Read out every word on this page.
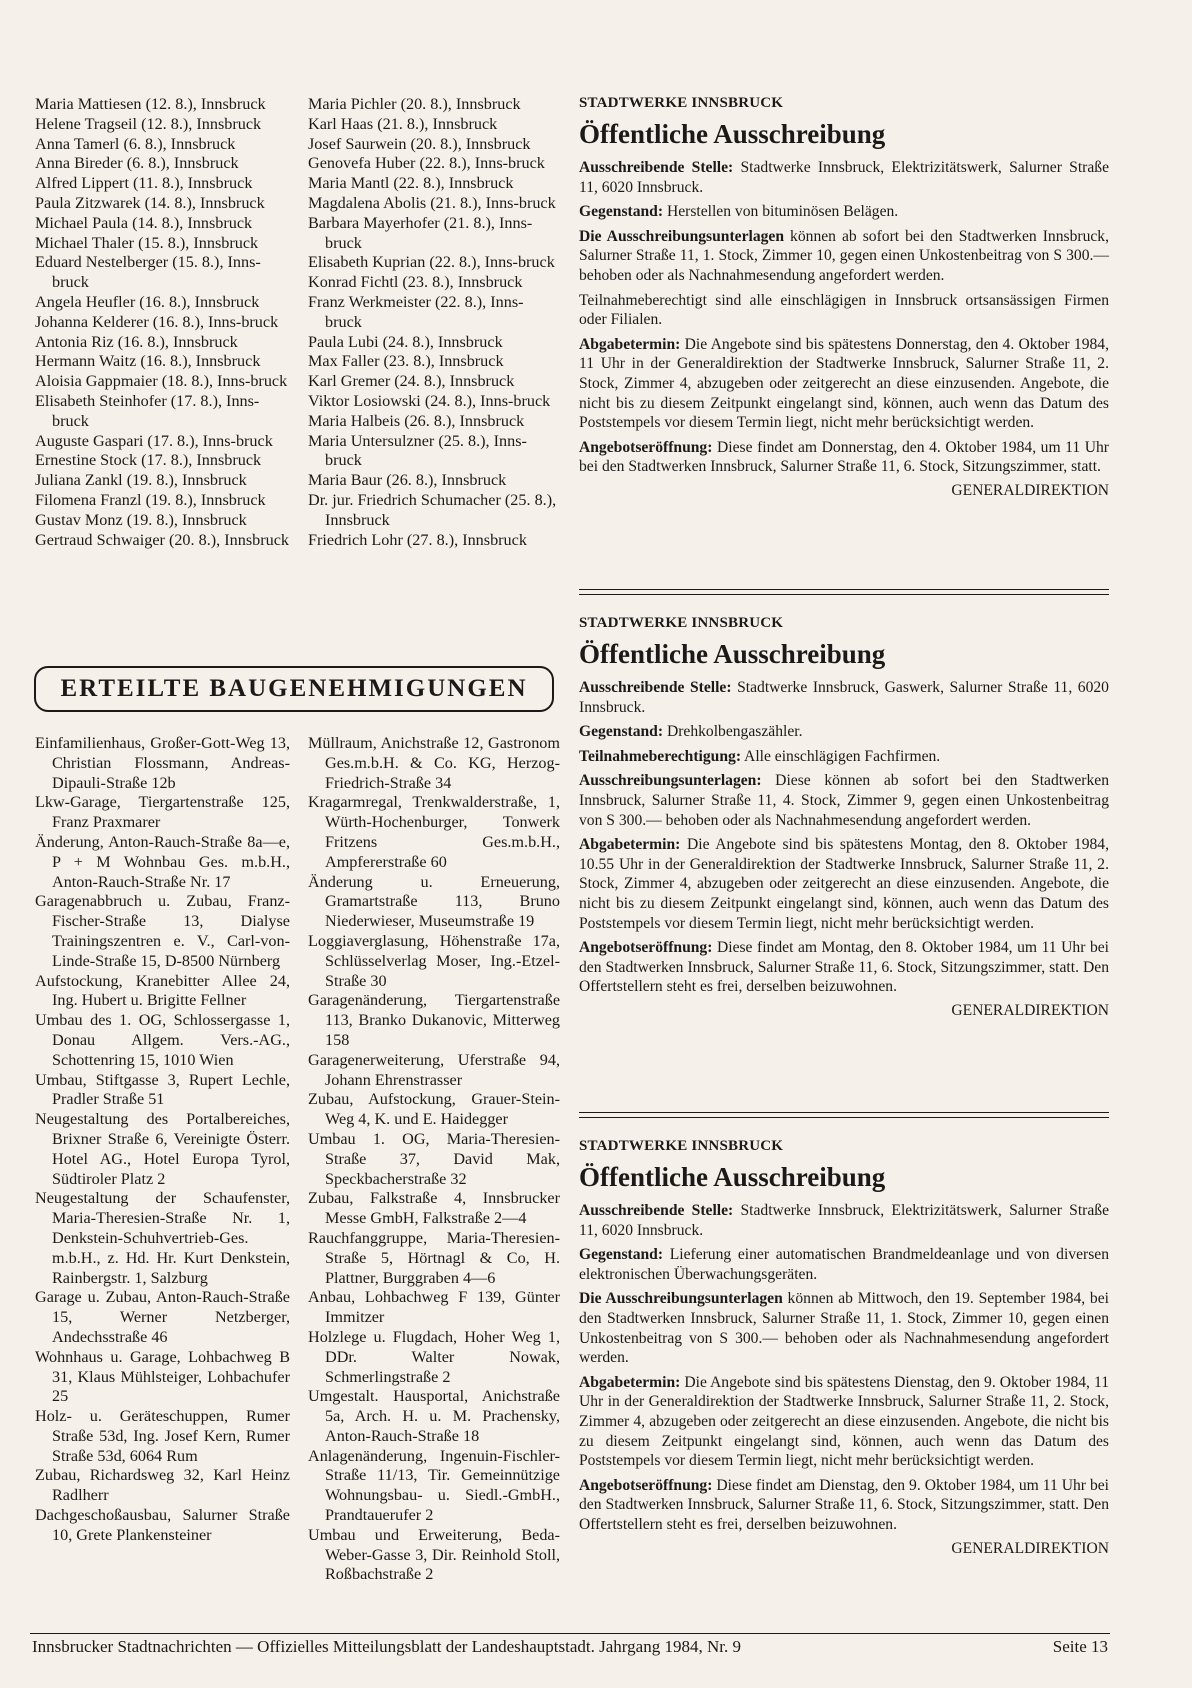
Maria Mattiesen (12. 8.), Innsbruck

Helene Tragseil (12. 8.), Innsbruck

Anna Tamerl (6. 8.), Innsbruck

Anna Bireder (6. 8.), Innsbruck

Alfred Lippert (11. 8.), Innsbruck

Paula Zitzwarek (14. 8.), Innsbruck

Michael Paula (14. 8.), Innsbruck

Michael Thaler (15. 8.), Innsbruck

Eduard Nestelberger (15. 8.), Inns-bruck

Angela Heufler (16. 8.), Innsbruck

Johanna Kelderer (16. 8.), Inns-bruck

Antonia Riz (16. 8.), Innsbruck

Hermann Waitz (16. 8.), Innsbruck

Aloisia Gappmaier (18. 8.), Inns-bruck

Elisabeth Steinhofer (17. 8.), Inns-bruck

Auguste Gaspari (17. 8.), Inns-bruck

Ernestine Stock (17. 8.), Innsbruck

Juliana Zankl (19. 8.), Innsbruck

Filomena Franzl (19. 8.), Innsbruck

Gustav Monz (19. 8.), Innsbruck

Gertraud Schwaiger (20. 8.), Innsbruck

Maria Pichler (20. 8.), Innsbruck

Karl Haas (21. 8.), Innsbruck

Josef Saurwein (20. 8.), Innsbruck

Genovefa Huber (22. 8.), Inns-bruck

Maria Mantl (22. 8.), Innsbruck

Magdalena Abolis (21. 8.), Inns-bruck

Barbara Mayerhofer (21. 8.), Inns-bruck

Elisabeth Kuprian (22. 8.), Inns-bruck

Konrad Fichtl (23. 8.), Innsbruck

Franz Werkmeister (22. 8.), Inns-bruck

Paula Lubi (24. 8.), Innsbruck

Max Faller (23. 8.), Innsbruck

Karl Gremer (24. 8.), Innsbruck

Viktor Losiowski (24. 8.), Inns-bruck

Maria Halbeis (26. 8.), Innsbruck

Maria Untersulzner (25. 8.), Inns-bruck

Maria Baur (26. 8.), Innsbruck

Dr. jur. Friedrich Schumacher (25. 8.), Innsbruck

Friedrich Lohr (27. 8.), Innsbruck

ERTEILTE BAUGENEHMIGUNGEN

Einfamilienhaus, Großer-Gott-Weg 13, Christian Flossmann, Andreas-Dipauli-Straße 12b

Lkw-Garage, Tiergartenstraße 125, Franz Praxmarer

Änderung, Anton-Rauch-Straße 8a—e, P + M Wohnbau Ges. m.b.H., Anton-Rauch-Straße Nr. 17

Garagenabbruch u. Zubau, Franz-Fischer-Straße 13, Dialyse Trainingszentren e. V., Carl-von-Linde-Straße 15, D-8500 Nürnberg

Aufstockung, Kranebitter Allee 24, Ing. Hubert u. Brigitte Fellner

Umbau des 1. OG, Schlossergasse 1, Donau Allgem. Vers.-AG., Schottenring 15, 1010 Wien

Umbau, Stiftgasse 3, Rupert Lechle, Pradler Straße 51

Neugestaltung des Portalbereiches, Brixner Straße 6, Vereinigte Österr. Hotel AG., Hotel Europa Tyrol, Südtiroler Platz 2

Neugestaltung der Schaufenster, Maria-Theresien-Straße Nr. 1, Denkstein-Schuhvertrieb-Ges. m.b.H., z. Hd. Hr. Kurt Denkstein, Rainbergstr. 1, Salzburg

Garage u. Zubau, Anton-Rauch-Straße 15, Werner Netzberger, Andechsstraße 46

Wohnhaus u. Garage, Lohbachweg B 31, Klaus Mühlsteiger, Lohbachufer 25

Holz- u. Geräteschuppen, Rumer Straße 53d, Ing. Josef Kern, Rumer Straße 53d, 6064 Rum

Zubau, Richardsweg 32, Karl Heinz Radlherr

Dachgeschoßausbau, Salurner Straße 10, Grete Plankensteiner

Müllraum, Anichstraße 12, Gastronom Ges.m.b.H. & Co. KG, Herzog-Friedrich-Straße 34

Kragarmregal, Trenkwalderstraße, 1, Würth-Hochenburger, Tonwerk Fritzens Ges.m.b.H., Ampfererstraße 60

Änderung u. Erneuerung, Gramartstraße 113, Bruno Niederwieser, Museumstraße 19

Loggiaverglasung, Höhenstraße 17a, Schlüsselverlag Moser, Ing.-Etzel-Straße 30

Garagenänderung, Tiergartenstraße 113, Branko Dukanovic, Mitterweg 158

Garagenerweiterung, Uferstraße 94, Johann Ehrenstrasser

Zubau, Aufstockung, Grauer-Stein-Weg 4, K. und E. Haidegger

Umbau 1. OG, Maria-Theresien-Straße 37, David Mak, Speckbacherstraße 32

Zubau, Falkstraße 4, Innsbrucker Messe GmbH, Falkstraße 2—4

Rauchfanggruppe, Maria-Theresien-Straße 5, Hörtnagl & Co, H. Plattner, Burggraben 4—6

Anbau, Lohbachweg F 139, Günter Immitzer

Holzlege u. Flugdach, Hoher Weg 1, DDr. Walter Nowak, Schmerlingstraße 2

Umgestalt. Hausportal, Anichstraße 5a, Arch. H. u. M. Prachensky, Anton-Rauch-Straße 18

Anlagenänderung, Ingenuin-Fischler-Straße 11/13, Tir. Gemeinnützige Wohnungsbau- u. Siedl.-GmbH., Prandtauerufer 2

Umbau und Erweiterung, Beda-Weber-Gasse 3, Dir. Reinhold Stoll, Roßbachstraße 2

STADTWERKE INNSBRUCK
Öffentliche Ausschreibung

Ausschreibende Stelle: Stadtwerke Innsbruck, Elektrizitätswerk, Salurner Straße 11, 6020 Innsbruck.

Gegenstand: Herstellen von bituminösen Belägen.

Die Ausschreibungsunterlagen können ab sofort bei den Stadtwerken Innsbruck, Salurner Straße 11, 1. Stock, Zimmer 10, gegen einen Unkostenbeitrag von S 300.— behoben oder als Nachnahmesendung angefordert werden.

Teilnahmeberechtigt sind alle einschlägigen in Innsbruck ortsansässigen Firmen oder Filialen.

Abgabetermin: Die Angebote sind bis spätestens Donnerstag, den 4. Oktober 1984, 11 Uhr in der Generaldirektion der Stadtwerke Innsbruck, Salurner Straße 11, 2. Stock, Zimmer 4, abzugeben oder zeitgerecht an diese einzusenden. Angebote, die nicht bis zu diesem Zeitpunkt eingelangt sind, können, auch wenn das Datum des Poststempels vor diesem Termin liegt, nicht mehr berücksichtigt werden.

Angebotseröffnung: Diese findet am Donnerstag, den 4. Oktober 1984, um 11 Uhr bei den Stadtwerken Innsbruck, Salurner Straße 11, 6. Stock, Sitzungszimmer, statt.

GENERALDIREKTION
STADTWERKE INNSBRUCK
Öffentliche Ausschreibung

Ausschreibende Stelle: Stadtwerke Innsbruck, Gaswerk, Salurner Straße 11, 6020 Innsbruck.

Gegenstand: Drehkolbengaszähler.

Teilnahmeberechtigung: Alle einschlägigen Fachfirmen.

Ausschreibungsunterlagen: Diese können ab sofort bei den Stadtwerken Innsbruck, Salurner Straße 11, 4. Stock, Zimmer 9, gegen einen Unkostenbeitrag von S 300.— behoben oder als Nachnahmesendung angefordert werden.

Abgabetermin: Die Angebote sind bis spätestens Montag, den 8. Oktober 1984, 10.55 Uhr in der Generaldirektion der Stadtwerke Innsbruck, Salurner Straße 11, 2. Stock, Zimmer 4, abzugeben oder zeitgerecht an diese einzusenden. Angebote, die nicht bis zu diesem Zeitpunkt eingelangt sind, können, auch wenn das Datum des Poststempels vor diesem Termin liegt, nicht mehr berücksichtigt werden.

Angebotseröffnung: Diese findet am Montag, den 8. Oktober 1984, um 11 Uhr bei den Stadtwerken Innsbruck, Salurner Straße 11, 6. Stock, Sitzungszimmer, statt. Den Offertstellern steht es frei, derselben beizuwohnen.

GENERALDIREKTION
STADTWERKE INNSBRUCK
Öffentliche Ausschreibung

Ausschreibende Stelle: Stadtwerke Innsbruck, Elektrizitätswerk, Salurner Straße 11, 6020 Innsbruck.

Gegenstand: Lieferung einer automatischen Brandmeldeanlage und von diversen elektronischen Überwachungsgeräten.

Die Ausschreibungsunterlagen können ab Mittwoch, den 19. September 1984, bei den Stadtwerken Innsbruck, Salurner Straße 11, 1. Stock, Zimmer 10, gegen einen Unkostenbeitrag von S 300.— behoben oder als Nachnahmesendung angefordert werden.

Abgabetermin: Die Angebote sind bis spätestens Dienstag, den 9. Oktober 1984, 11 Uhr in der Generaldirektion der Stadtwerke Innsbruck, Salurner Straße 11, 2. Stock, Zimmer 4, abzugeben oder zeitgerecht an diese einzusenden. Angebote, die nicht bis zu diesem Zeitpunkt eingelangt sind, können, auch wenn das Datum des Poststempels vor diesem Termin liegt, nicht mehr berücksichtigt werden.

Angebotseröffnung: Diese findet am Dienstag, den 9. Oktober 1984, um 11 Uhr bei den Stadtwerken Innsbruck, Salurner Straße 11, 6. Stock, Sitzungszimmer, statt. Den Offertstellern steht es frei, derselben beizuwohnen.

GENERALDIREKTION
Innsbrucker Stadtnachrichten — Offizielles Mitteilungsblatt der Landeshauptstadt. Jahrgang 1984, Nr. 9	Seite 13
